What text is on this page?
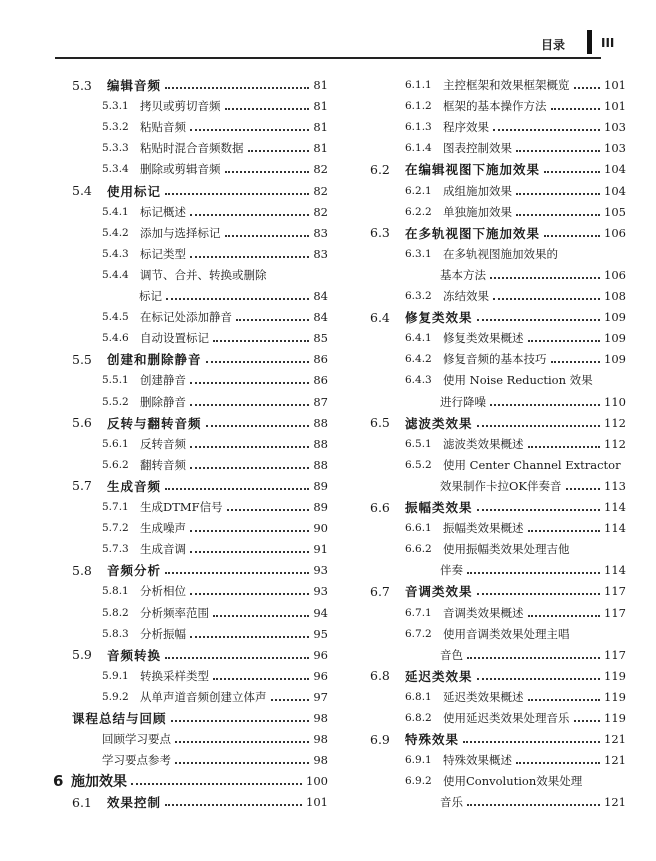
目录	III
5.3	编辑音频	81
5.3.1 拷贝或剪切音频	81
5.3.2 粘贴音频	81
5.3.3 粘贴时混合音频数据	81
5.3.4 删除或剪辑音频	82
5.4	使用标记	82
5.4.1 标记概述	82
5.4.2 添加与选择标记	83
5.4.3 标记类型	83
5.4.4 调节、合并、转换或删除
标记	84
5.4.5 在标记处添加静音	84
5.4.6 自动设置标记	85
5.5	创建和删除静音	86
5.5.1 创建静音	86
5.5.2 删除静音	87
5.6	反转与翻转音频	88
5.6.1 反转音频	88
5.6.2 翻转音频	88
5.7	生成音频	89
5.7.1 生成DTMF信号	89
5.7.2 生成噪声	90
5.7.3 生成音调	91
5.8	音频分析	93
5.8.1 分析相位	93
5.8.2 分析频率范围	94
5.8.3 分析振幅	95
5.9	音频转换	96
5.9.1 转换采样类型	96
5.9.2 从单声道音频创建立体声	97
课程总结与回顾	98
回顾学习要点	98
学习要点参考	98
6 施加效果	100
6.1	效果控制	101
6.1.1 主控框架和效果框架概览	101
6.1.2 框架的基本操作方法	101
6.1.3 程序效果	103
6.1.4 图表控制效果	103
6.2	在编辑视图下施加效果	104
6.2.1 成组施加效果	104
6.2.2 单独施加效果	105
6.3	在多轨视图下施加效果	106
6.3.1 在多轨视图施加效果的
基本方法	106
6.3.2 冻结效果	108
6.4	修复类效果	109
6.4.1 修复类效果概述	109
6.4.2 修复音频的基本技巧	109
6.4.3 使用 Noise Reduction 效果
进行降噪	110
6.5	滤波类效果	112
6.5.1 滤波类效果概述	112
6.5.2 使用 Center Channel Extractor
效果制作卡拉OK伴奏音	113
6.6	振幅类效果	114
6.6.1 振幅类效果概述	114
6.6.2 使用振幅类效果处理吉他
伴奏	114
6.7	音调类效果	117
6.7.1 音调类效果概述	117
6.7.2 使用音调类效果处理主唱
音色	117
6.8	延迟类效果	119
6.8.1 延迟类效果概述	119
6.8.2 使用延迟类效果处理音乐	119
6.9	特殊效果	121
6.9.1 特殊效果概述	121
6.9.2 使用Convolution效果处理
音乐	121
